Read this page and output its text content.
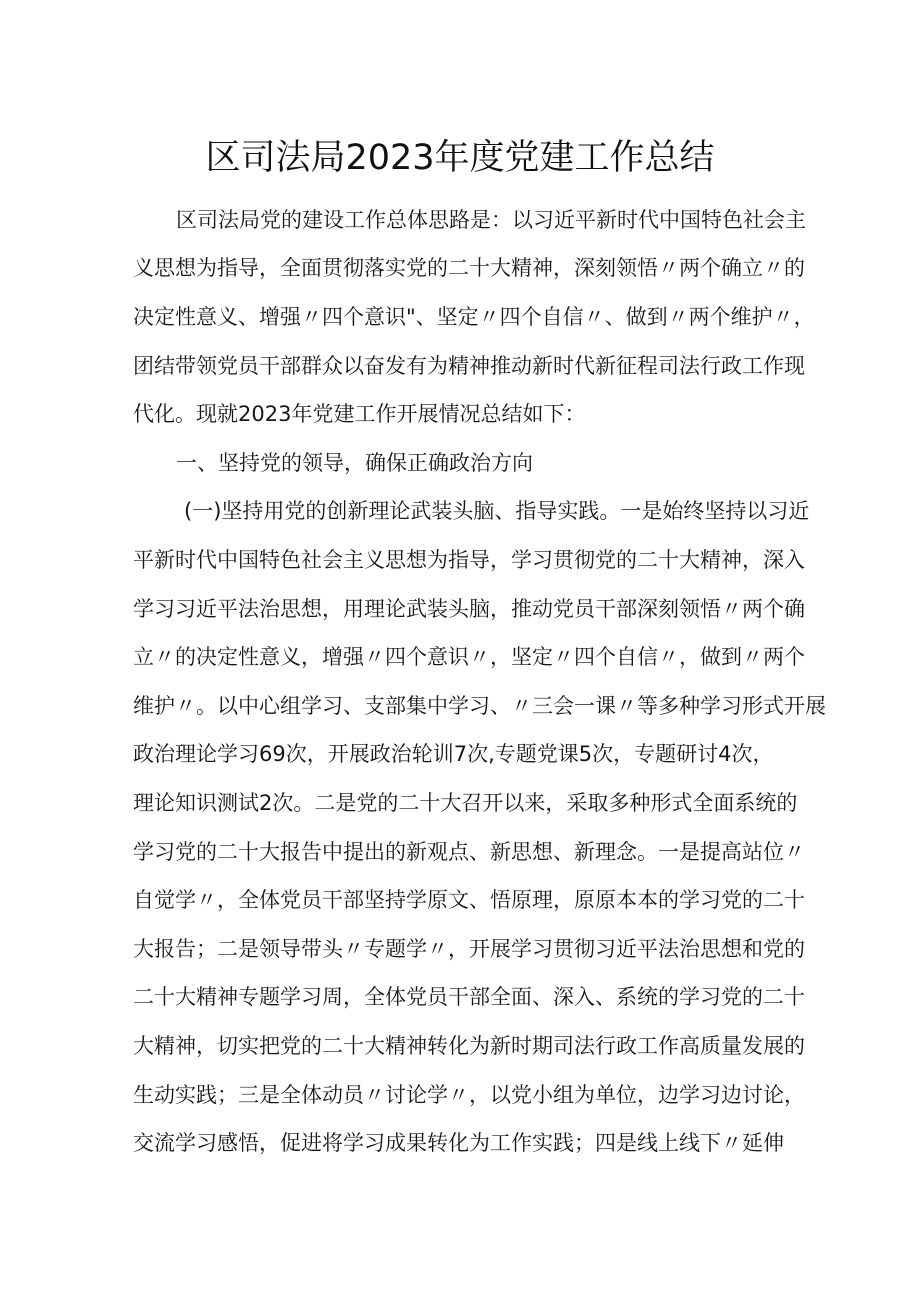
区司法局2023年度党建工作总结
区司法局党的建设工作总体思路是：以习近平新时代中国特色社会主
义思想为指导，全面贯彻落实党的二十大精神，深刻领悟〃两个确立〃的
决定性意义、增强〃四个意识"、坚定〃四个自信〃、做到〃两个维护〃，
团结带领党员干部群众以奋发有为精神推动新时代新征程司法行政工作现
代化。现就2023年党建工作开展情况总结如下：
一、坚持党的领导，确保正确政治方向
(一)坚持用党的创新理论武装头脑、指导实践。一是始终坚持以习近
平新时代中国特色社会主义思想为指导，学习贯彻党的二十大精神，深入
学习习近平法治思想，用理论武装头脑，推动党员干部深刻领悟〃两个确
立〃的决定性意义，增强〃四个意识〃，坚定〃四个自信〃，做到〃两个
维护〃。以中心组学习、支部集中学习、〃三会一课〃等多种学习形式开展
政治理论学习69次，开展政治轮训7次,专题党课5次，专题研讨4次，
理论知识测试2次。二是党的二十大召开以来，采取多种形式全面系统的
学习党的二十大报告中提出的新观点、新思想、新理念。一是提高站位〃
自觉学〃，全体党员干部坚持学原文、悟原理，原原本本的学习党的二十
大报告；二是领导带头〃专题学〃，开展学习贯彻习近平法治思想和党的
二十大精神专题学习周，全体党员干部全面、深入、系统的学习党的二十
大精神，切实把党的二十大精神转化为新时期司法行政工作高质量发展的
生动实践；三是全体动员〃讨论学〃，以党小组为单位，边学习边讨论，
交流学习感悟，促进将学习成果转化为工作实践；四是线上线下〃延伸
